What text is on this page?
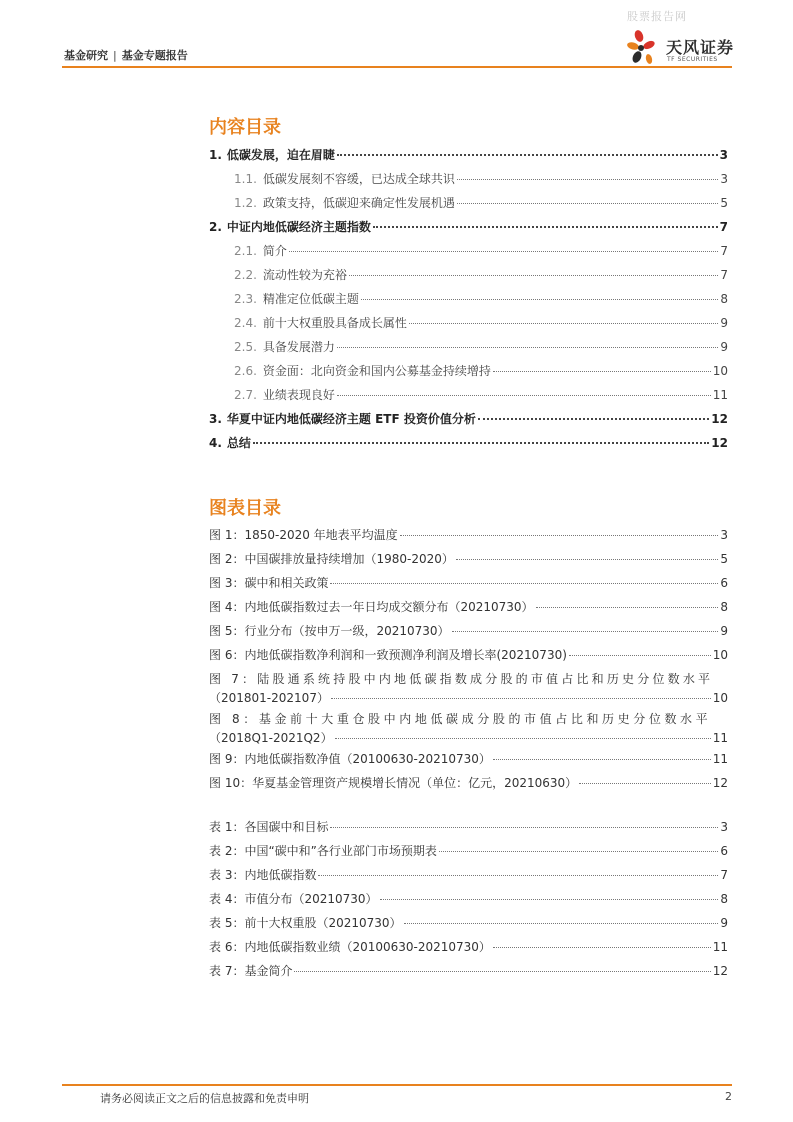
股票报告网
基金研究 | 基金专题报告	天风证券
TF SECURITIES
内容目录
1. 低碳发展，迫在眉睫	3
1.1. 低碳发展刻不容缓，已达成全球共识	3
1.2. 政策支持，低碳迎来确定性发展机遇	5
2. 中证内地低碳经济主题指数	7
2.1. 简介	7
2.2. 流动性较为充裕	7
2.3. 精准定位低碳主题	8
2.4. 前十大权重股具备成长属性	9
2.5. 具备发展潜力	9
2.6. 资金面：北向资金和国内公募基金持续增持	10
2.7. 业绩表现良好	11
3. 华夏中证内地低碳经济主题 ETF 投资价值分析	12
4. 总结	12
图表目录
图 1：1850-2020 年地表平均温度	3
图 2：中国碳排放量持续增加（1980-2020）	5
图 3：碳中和相关政策	6
图 4：内地低碳指数过去一年日均成交额分布（20210730）	8
图 5：行业分布（按申万一级，20210730）	9
图 6：内地低碳指数净利润和一致预测净利润及增长率(20210730)	10
图 7：陆股通系统持股中内地低碳指数成分股的市值占比和历史分位数水平
（201801-202107）	10
图 8：基金前十大重仓股中内地低碳成分股的市值占比和历史分位数水平
（2018Q1-2021Q2）	11
图 9：内地低碳指数净值（20100630-20210730）	11
图 10：华夏基金管理资产规模增长情况（单位：亿元，20210630）	12
表 1：各国碳中和目标	3
表 2：中国“碳中和”各行业部门市场预期表	6
表 3：内地低碳指数	7
表 4：市值分布（20210730）	8
表 5：前十大权重股（20210730）	9
表 6：内地低碳指数业绩（20100630-20210730）	11
表 7：基金简介	12
请务必阅读正文之后的信息披露和免责申明	2
